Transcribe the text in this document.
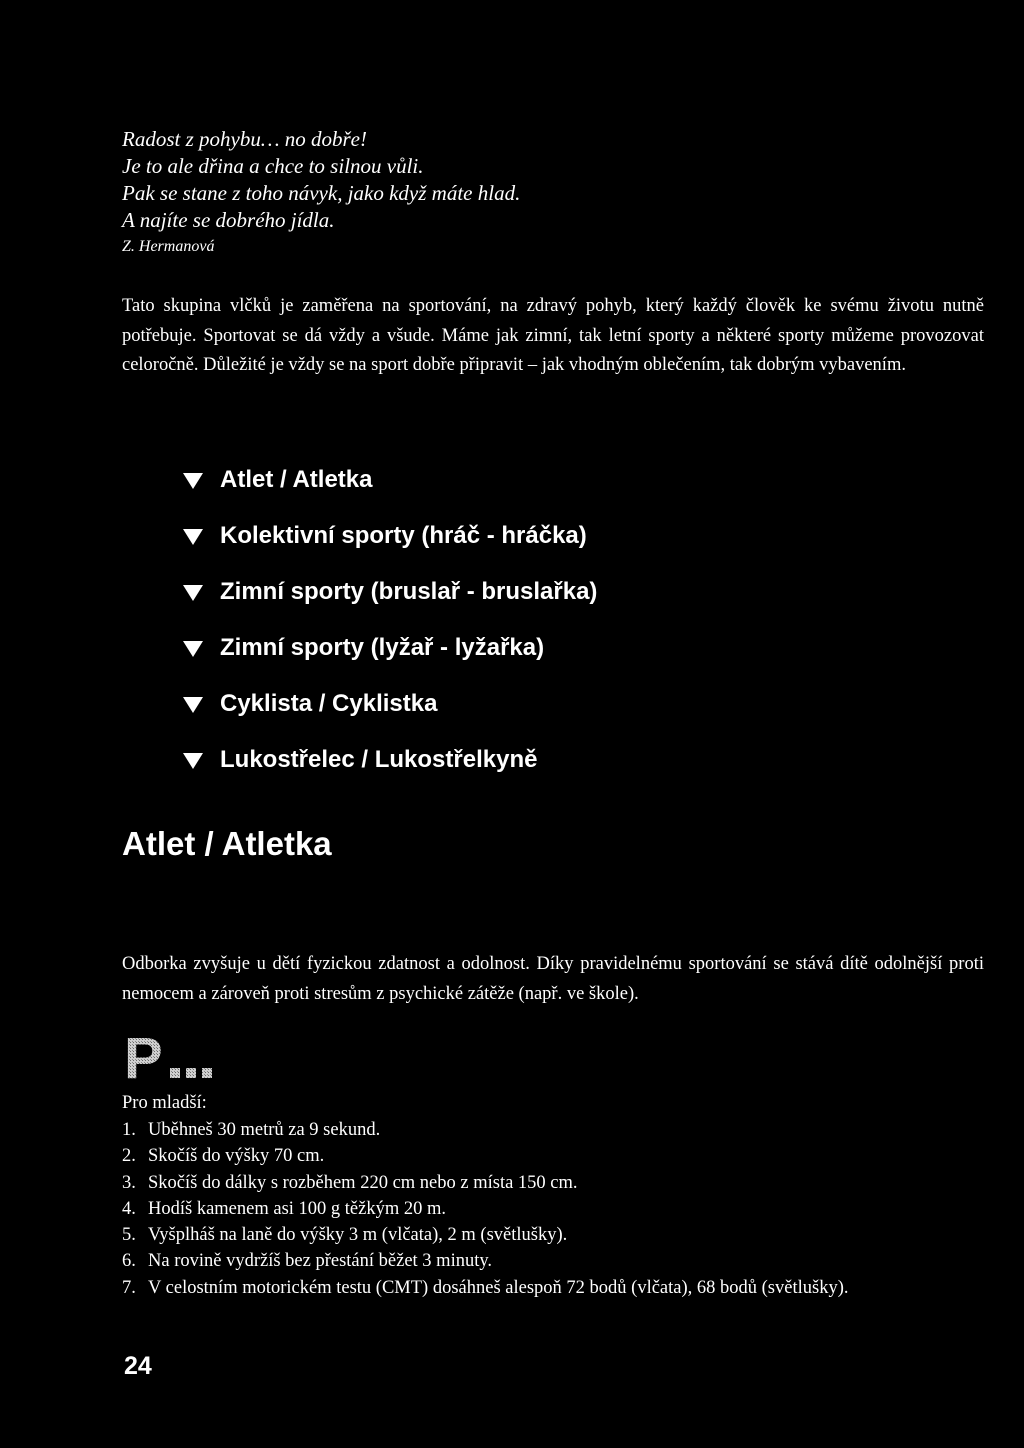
Radost z pohybu… no dobře!
Je to ale dřina a chce to silnou vůli.
Pak se stane z toho návyk, jako když máte hlad.
A najíte se dobrého jídla.
Z. Hermanová

Tato skupina vlčků je zaměřena na sportování, na zdravý pohyb, který každý člověk ke svému životu nutně potřebuje. Sportovat se dá vždy a všude. Máme jak zimní, tak letní sporty a některé sporty můžeme provozovat celoročně. Důležité je vždy se na sport dobře připravit – jak vhodným oblečením, tak dobrým vybavením.

Atlet / Atletka
Kolektivní sporty (hráč - hráčka)
Zimní sporty (bruslař - bruslařka)
Zimní sporty (lyžař - lyžařka)
Cyklista / Cyklistka
Lukostřelec / Lukostřelkyně
Atlet / Atletka

Odborka zvyšuje u dětí fyzickou zdatnost a odolnost. Díky pravidelnému sportování se stává dítě odolnější proti nemocem a zároveň proti stresům z psychické zátěže (např. ve škole).

P
Pro mladší:
1. Uběhneš 30 metrů za 9 sekund.
2. Skočíš do výšky 70 cm.
3. Skočíš do dálky s rozběhem 220 cm nebo z místa 150 cm.
4. Hodíš kamenem asi 100 g těžkým 20 m.
5. Vyšplháš na laně do výšky 3 m (vlčata), 2 m (světlušky).
6. Na rovině vydržíš bez přestání běžet 3 minuty.
7. V celostním motorickém testu (CMT) dosáhneš alespoň 72 bodů (vlčata), 68 bodů (světlušky).
24
